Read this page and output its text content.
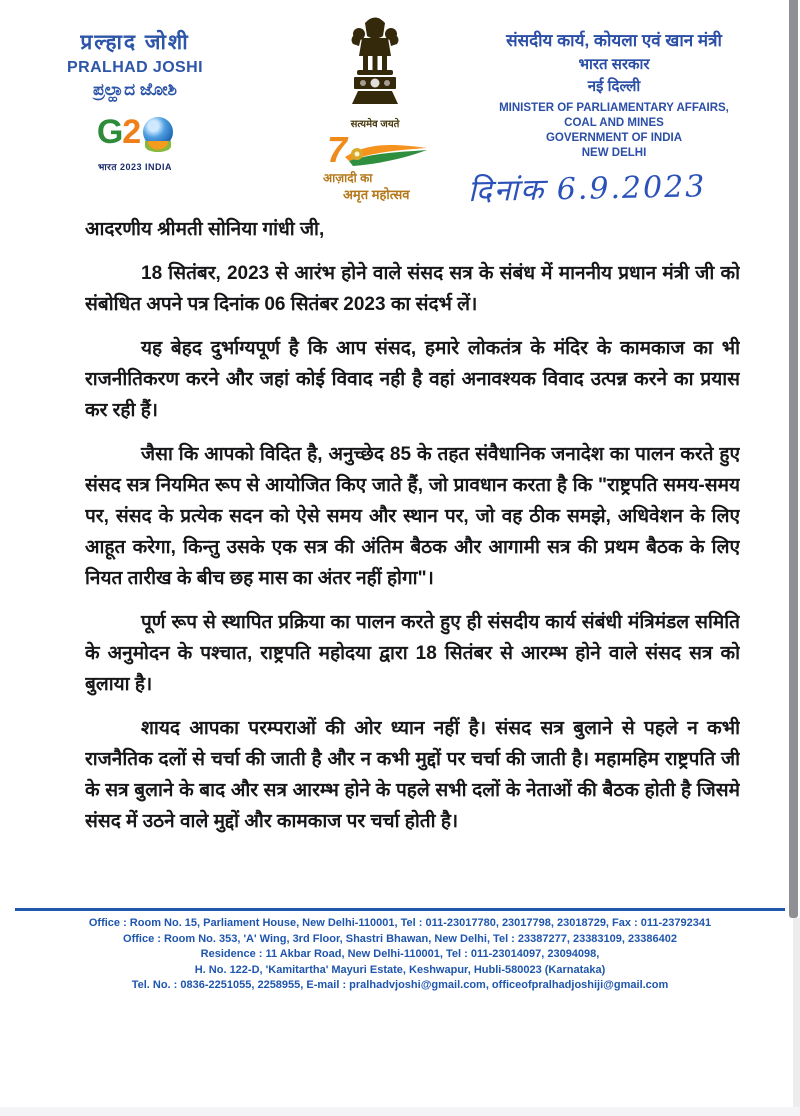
प्रल्हाद जोशी
PRALHAD JOSHI
ಪ್ರಲ್ಹಾದ ಜೋಶಿ
G 2
भारत 2023 INDIA
सत्यमेव जयते
7
आज़ादी का
अमृत महोत्सव
संसदीय कार्य, कोयला एवं खान मंत्री
भारत सरकार
नई दिल्ली
MINISTER OF PARLIAMENTARY AFFAIRS,
COAL AND MINES
GOVERNMENT OF INDIA
NEW DELHI
दिनांक 6.9.2023

आदरणीय श्रीमती सोनिया गांधी जी,

18 सितंबर, 2023 से आरंभ होने वाले संसद सत्र के संबंध में माननीय प्रधान मंत्री जी को संबोधित अपने पत्र दिनांक 06 सितंबर 2023 का संदर्भ लें।

यह बेहद दुर्भाग्यपूर्ण है कि आप संसद, हमारे लोकतंत्र के मंदिर के कामकाज का भी राजनीतिकरण करने और जहां कोई विवाद नही है वहां अनावश्यक विवाद उत्पन्न करने का प्रयास कर रही हैं।

जैसा कि आपको विदित है, अनुच्छेद 85 के तहत संवैधानिक जनादेश का पालन करते हुए संसद सत्र नियमित रूप से आयोजित किए जाते हैं, जो प्रावधान करता है कि "राष्ट्रपति समय-समय पर, संसद के प्रत्येक सदन को ऐसे समय और स्थान पर, जो वह ठीक समझे, अधिवेशन के लिए आहूत करेगा, किन्तु उसके एक सत्र की अंतिम बैठक और आगामी सत्र की प्रथम बैठक के लिए नियत तारीख के बीच छह मास का अंतर नहीं होगा"।

पूर्ण रूप से स्थापित प्रक्रिया का पालन करते हुए ही संसदीय कार्य संबंधी मंत्रिमंडल समिति के अनुमोदन के पश्चात, राष्ट्रपति महोदया द्वारा 18 सितंबर से आरम्भ होने वाले संसद सत्र को बुलाया है।

शायद आपका परम्पराओं की ओर ध्यान नहीं है। संसद सत्र बुलाने से पहले न कभी राजनैतिक दलों से चर्चा की जाती है और न कभी मुद्दों पर चर्चा की जाती है। महामहिम राष्ट्रपति जी के सत्र बुलाने के बाद और सत्र आरम्भ होने के पहले सभी दलों के नेताओं की बैठक होती है जिसमे संसद में उठने वाले मुद्दों और कामकाज पर चर्चा होती है।

Office : Room No. 15, Parliament House, New Delhi-110001, Tel : 011-23017780, 23017798, 23018729, Fax : 011-23792341
Office : Room No. 353, 'A' Wing, 3rd Floor, Shastri Bhawan, New Delhi, Tel : 23387277, 23383109, 23386402
Residence : 11 Akbar Road, New Delhi-110001, Tel : 011-23014097, 23094098,
H. No. 122-D, 'Kamitartha' Mayuri Estate, Keshwapur, Hubli-580023 (Karnataka)
Tel. No. : 0836-2251055, 2258955, E-mail : pralhadvjoshi@gmail.com, officeofpralhadjoshiji@gmail.com
